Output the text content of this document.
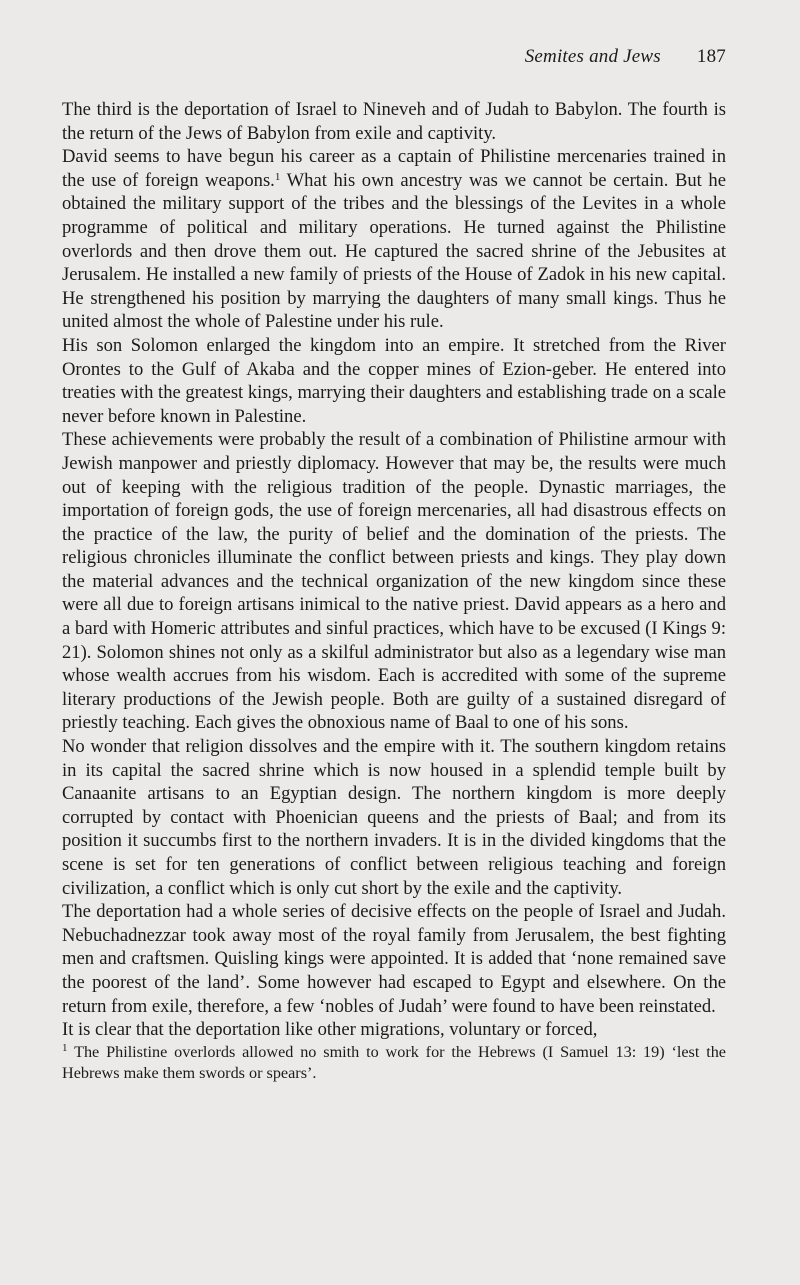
Semites and Jews 187

The third is the deportation of Israel to Nineveh and of Judah to Babylon. The fourth is the return of the Jews of Babylon from exile and captivity.

David seems to have begun his career as a captain of Philistine mercenaries trained in the use of foreign weapons.$^1$ What his own ancestry was we cannot be certain. But he obtained the military support of the tribes and the blessings of the Levites in a whole programme of political and military operations. He turned against the Philistine overlords and then drove them out. He captured the sacred shrine of the Jebusites at Jerusalem. He installed a new family of priests of the House of Zadok in his new capital. He strengthened his position by marrying the daughters of many small kings. Thus he united almost the whole of Palestine under his rule.

His son Solomon enlarged the kingdom into an empire. It stretched from the River Orontes to the Gulf of Akaba and the copper mines of Ezion-geber. He entered into treaties with the greatest kings, marrying their daughters and establishing trade on a scale never before known in Palestine.

These achievements were probably the result of a combination of Philistine armour with Jewish manpower and priestly diplomacy. However that may be, the results were much out of keeping with the religious tradition of the people. Dynastic marriages, the importation of foreign gods, the use of foreign mercenaries, all had disastrous effects on the practice of the law, the purity of belief and the domination of the priests. The religious chronicles illuminate the conflict between priests and kings. They play down the material advances and the technical organization of the new kingdom since these were all due to foreign artisans inimical to the native priest. David appears as a hero and a bard with Homeric attributes and sinful practices, which have to be excused (I Kings 9: 21). Solomon shines not only as a skilful administrator but also as a legendary wise man whose wealth accrues from his wisdom. Each is accredited with some of the supreme literary productions of the Jewish people. Both are guilty of a sustained disregard of priestly teaching. Each gives the obnoxious name of Baal to one of his sons.

No wonder that religion dissolves and the empire with it. The southern kingdom retains in its capital the sacred shrine which is now housed in a splendid temple built by Canaanite artisans to an Egyptian design. The northern kingdom is more deeply corrupted by contact with Phoenician queens and the priests of Baal; and from its position it succumbs first to the northern invaders. It is in the divided kingdoms that the scene is set for ten generations of conflict between religious teaching and foreign civilization, a conflict which is only cut short by the exile and the captivity.

The deportation had a whole series of decisive effects on the people of Israel and Judah. Nebuchadnezzar took away most of the royal family from Jerusalem, the best fighting men and craftsmen. Quisling kings were appointed. It is added that ‘none remained save the poorest of the land’. Some however had escaped to Egypt and elsewhere. On the return from exile, therefore, a few ‘nobles of Judah’ were found to have been reinstated.

It is clear that the deportation like other migrations, voluntary or forced,

$^1$ The Philistine overlords allowed no smith to work for the Hebrews (I Samuel 13: 19) ‘lest the Hebrews make them swords or spears’.
